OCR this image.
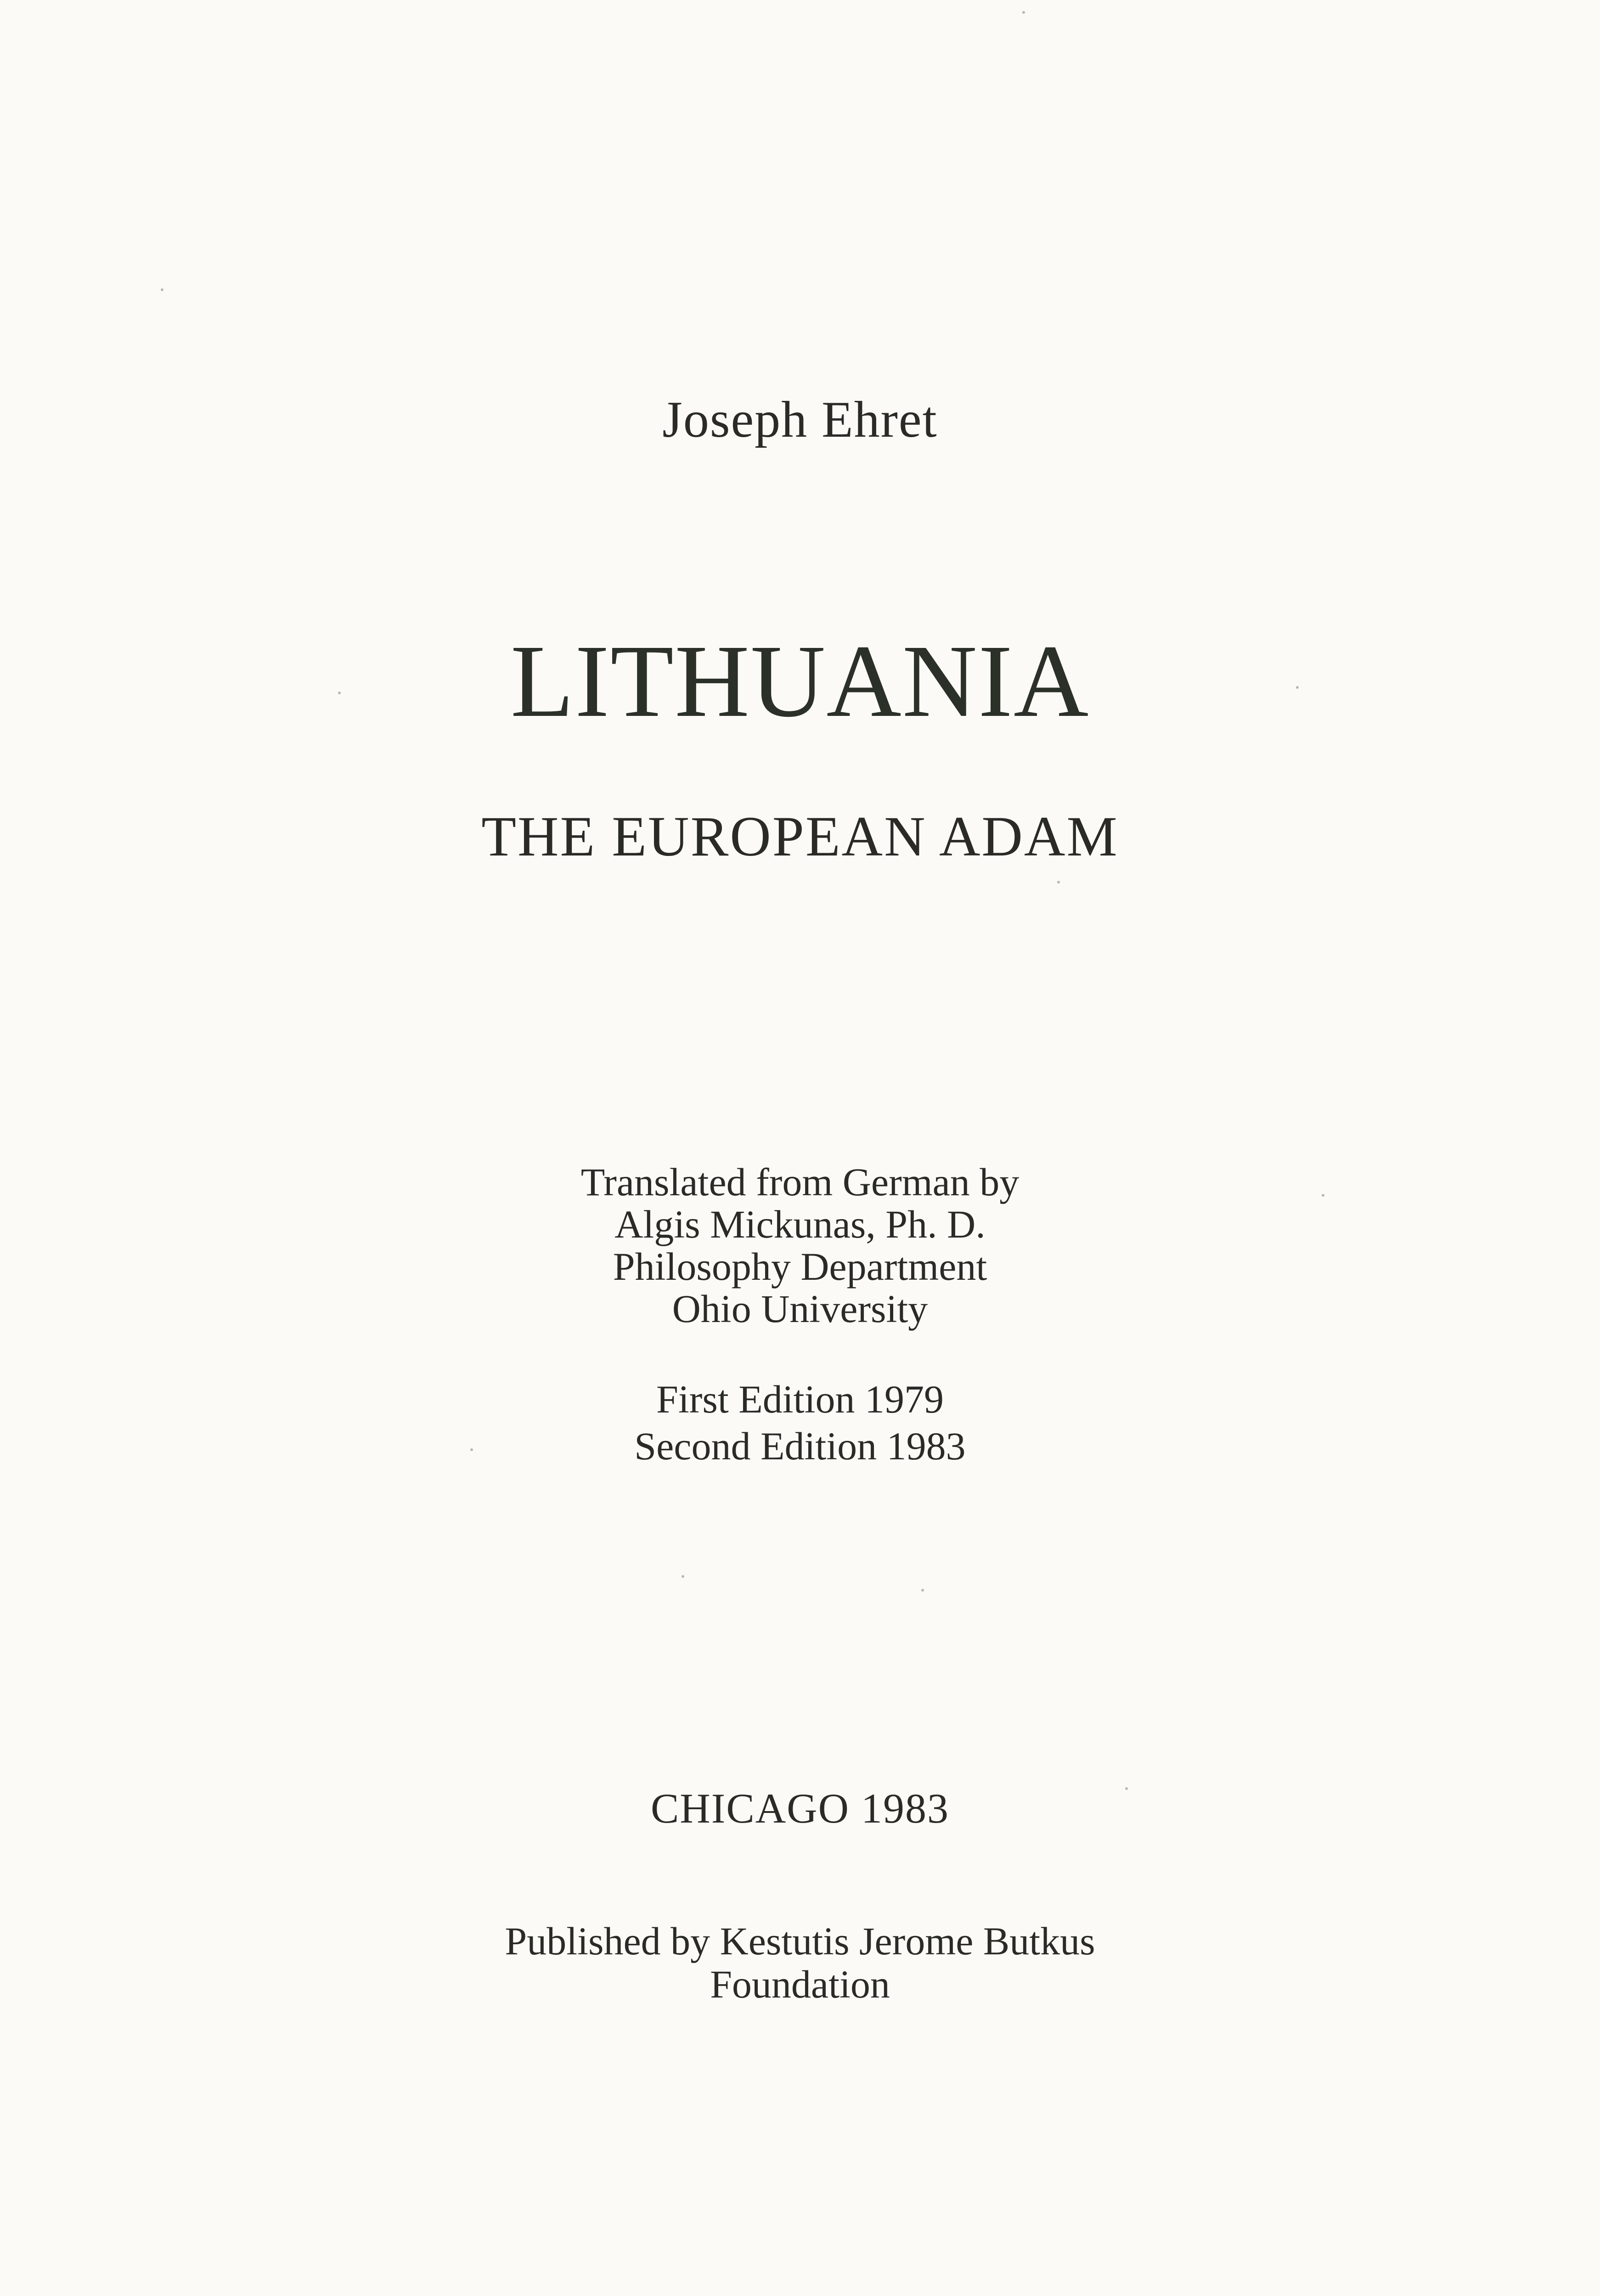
Joseph Ehret
LITHUANIA
THE EUROPEAN ADAM
Translated from German by
Algis Mickunas, Ph. D.
Philosophy Department
Ohio University
First Edition 1979
Second Edition 1983
CHICAGO 1983
Published by Kestutis Jerome Butkus
Foundation
